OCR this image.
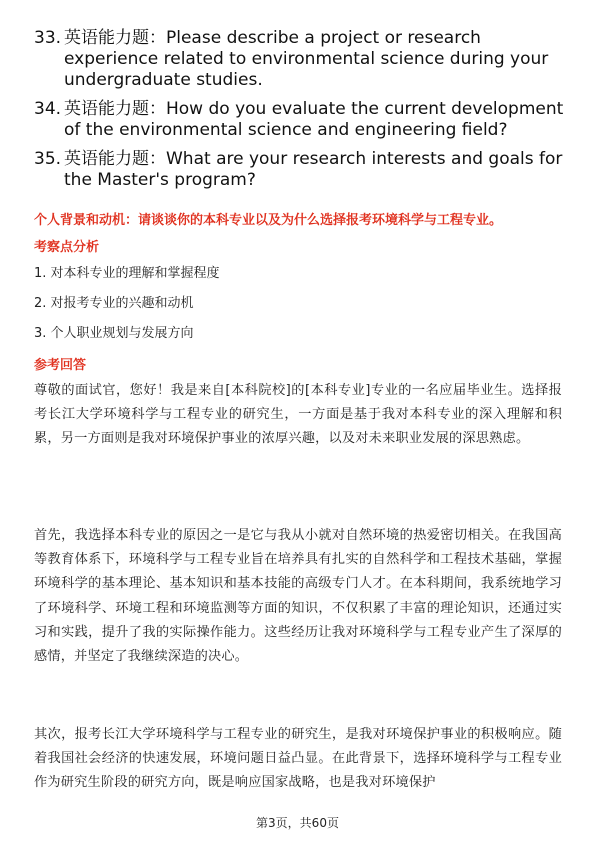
33. 英语能力题：Please describe a project or research experience related to environmental science during your undergraduate studies.
34. 英语能力题：How do you evaluate the current development of the environmental science and engineering field?
35. 英语能力题：What are your research interests and goals for the Master's program?
个人背景和动机：请谈谈你的本科专业以及为什么选择报考环境科学与工程专业。
考察点分析
1. 对本科专业的理解和掌握程度
2. 对报考专业的兴趣和动机
3. 个人职业规划与发展方向
参考回答
尊敬的面试官，您好！我是来自[本科院校]的[本科专业]专业的一名应届毕业生。选择报考长江大学环境科学与工程专业的研究生，一方面是基于我对本科专业的深入理解和积累，另一方面则是我对环境保护事业的浓厚兴趣，以及对未来职业发展的深思熟虑。
首先，我选择本科专业的原因之一是它与我从小就对自然环境的热爱密切相关。在我国高等教育体系下，环境科学与工程专业旨在培养具有扎实的自然科学和工程技术基础，掌握环境科学的基本理论、基本知识和基本技能的高级专门人才。在本科期间，我系统地学习了环境科学、环境工程和环境监测等方面的知识，不仅积累了丰富的理论知识，还通过实习和实践，提升了我的实际操作能力。这些经历让我对环境科学与工程专业产生了深厚的感情，并坚定了我继续深造的决心。
其次，报考长江大学环境科学与工程专业的研究生，是我对环境保护事业的积极响应。随着我国社会经济的快速发展，环境问题日益凸显。在此背景下，选择环境科学与工程专业作为研究生阶段的研究方向，既是响应国家战略，也是我对环境保护
第3页，共60页
